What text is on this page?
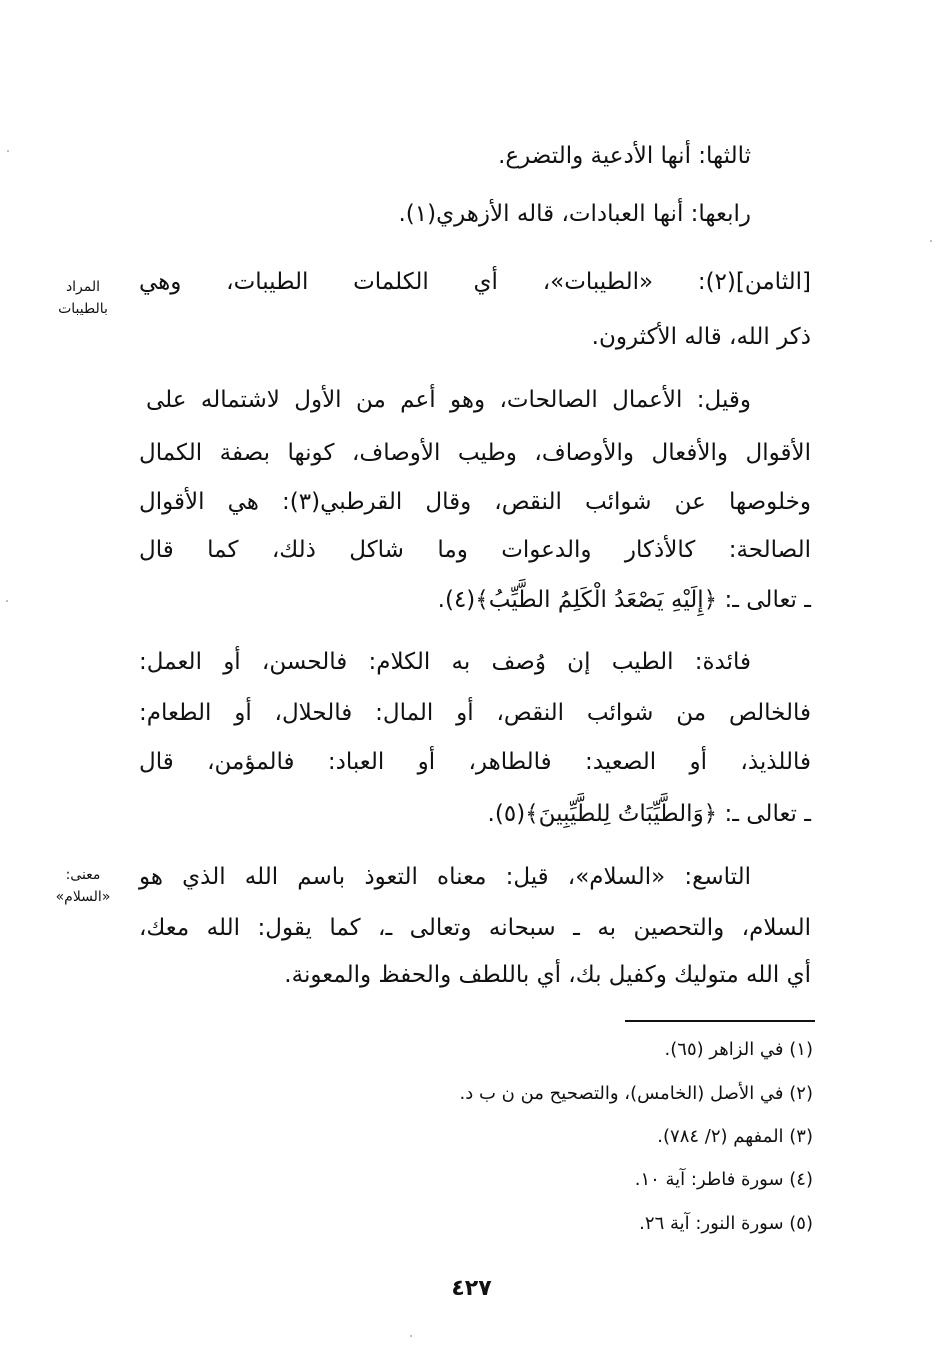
ثالثها: أنها الأدعية والتضرع.
رابعها: أنها العبادات، قاله الأزهري(١).
[الثامن](٢): «الطيبات»، أي الكلمات الطيبات، وهي
ذكر الله، قاله الأكثرون.
وقيل: الأعمال الصالحات، وهو أعم من الأول لاشتماله على
الأقوال والأفعال والأوصاف، وطيب الأوصاف، كونها بصفة الكمال
وخلوصها عن شوائب النقص، وقال القرطبي(٣): هي الأقوال
الصالحة: كالأذكار والدعوات وما شاكل ذلك، كما قال
ـ تعالى ـ: ﴿إِلَيْهِ يَصْعَدُ الْكَلِمُ الطَّيِّبُ﴾(٤).
فائدة: الطيب إن وُصف به الكلام: فالحسن، أو العمل:
فالخالص من شوائب النقص، أو المال: فالحلال، أو الطعام:
فاللذيذ، أو الصعيد: فالطاهر، أو العباد: فالمؤمن، قال
ـ تعالى ـ: ﴿وَالطَّيِّبَاتُ لِلطَّيِّبِينَ﴾(٥).
التاسع: «السلام»، قيل: معناه التعوذ باسم الله الذي هو
السلام، والتحصين به ـ سبحانه وتعالى ـ، كما يقول: الله معك،
أي الله متوليك وكفيل بك، أي باللطف والحفظ والمعونة.
المراد
بالطيبات
معنى:
«السلام»
(١) في الزاهر (٦٥).
(٢) في الأصل (الخامس)، والتصحيح من ن ب د.
(٣) المفهم (٢/ ٧٨٤).
(٤) سورة فاطر: آية ١٠.
(٥) سورة النور: آية ٢٦.
٤٢٧
